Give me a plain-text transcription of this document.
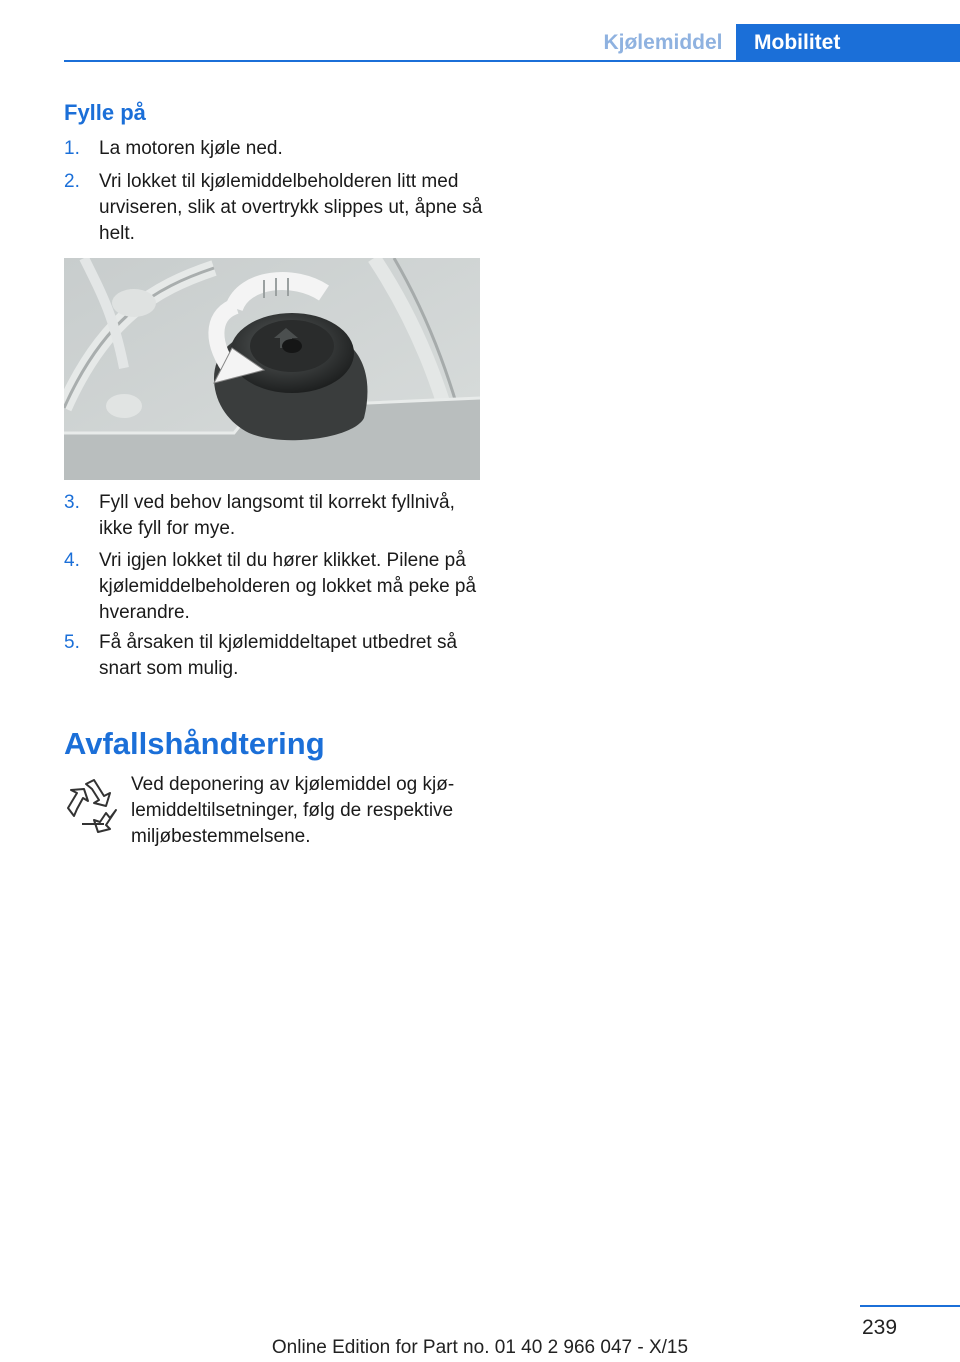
Kjølemiddel	Mobilitet
Fylle på
1. La motoren kjøle ned.
2. Vri lokket til kjølemiddelbeholderen litt med urviseren, slik at overtrykk slippes ut, åpne så helt.
3. Fyll ved behov langsomt til korrekt fyllnivå, ikke fyll for mye.
4. Vri igjen lokket til du hører klikket. Pilene på kjølemiddelbeholderen og lokket må peke på hverandre.
5. Få årsaken til kjølemiddeltapet utbedret så snart som mulig.
Avfallshåndtering
Ved deponering av kjølemiddel og kjø‐lemiddeltilsetninger, følg de respektive miljøbestemmelsene.
239
Online Edition for Part no. 01 40 2 966 047 - X/15
